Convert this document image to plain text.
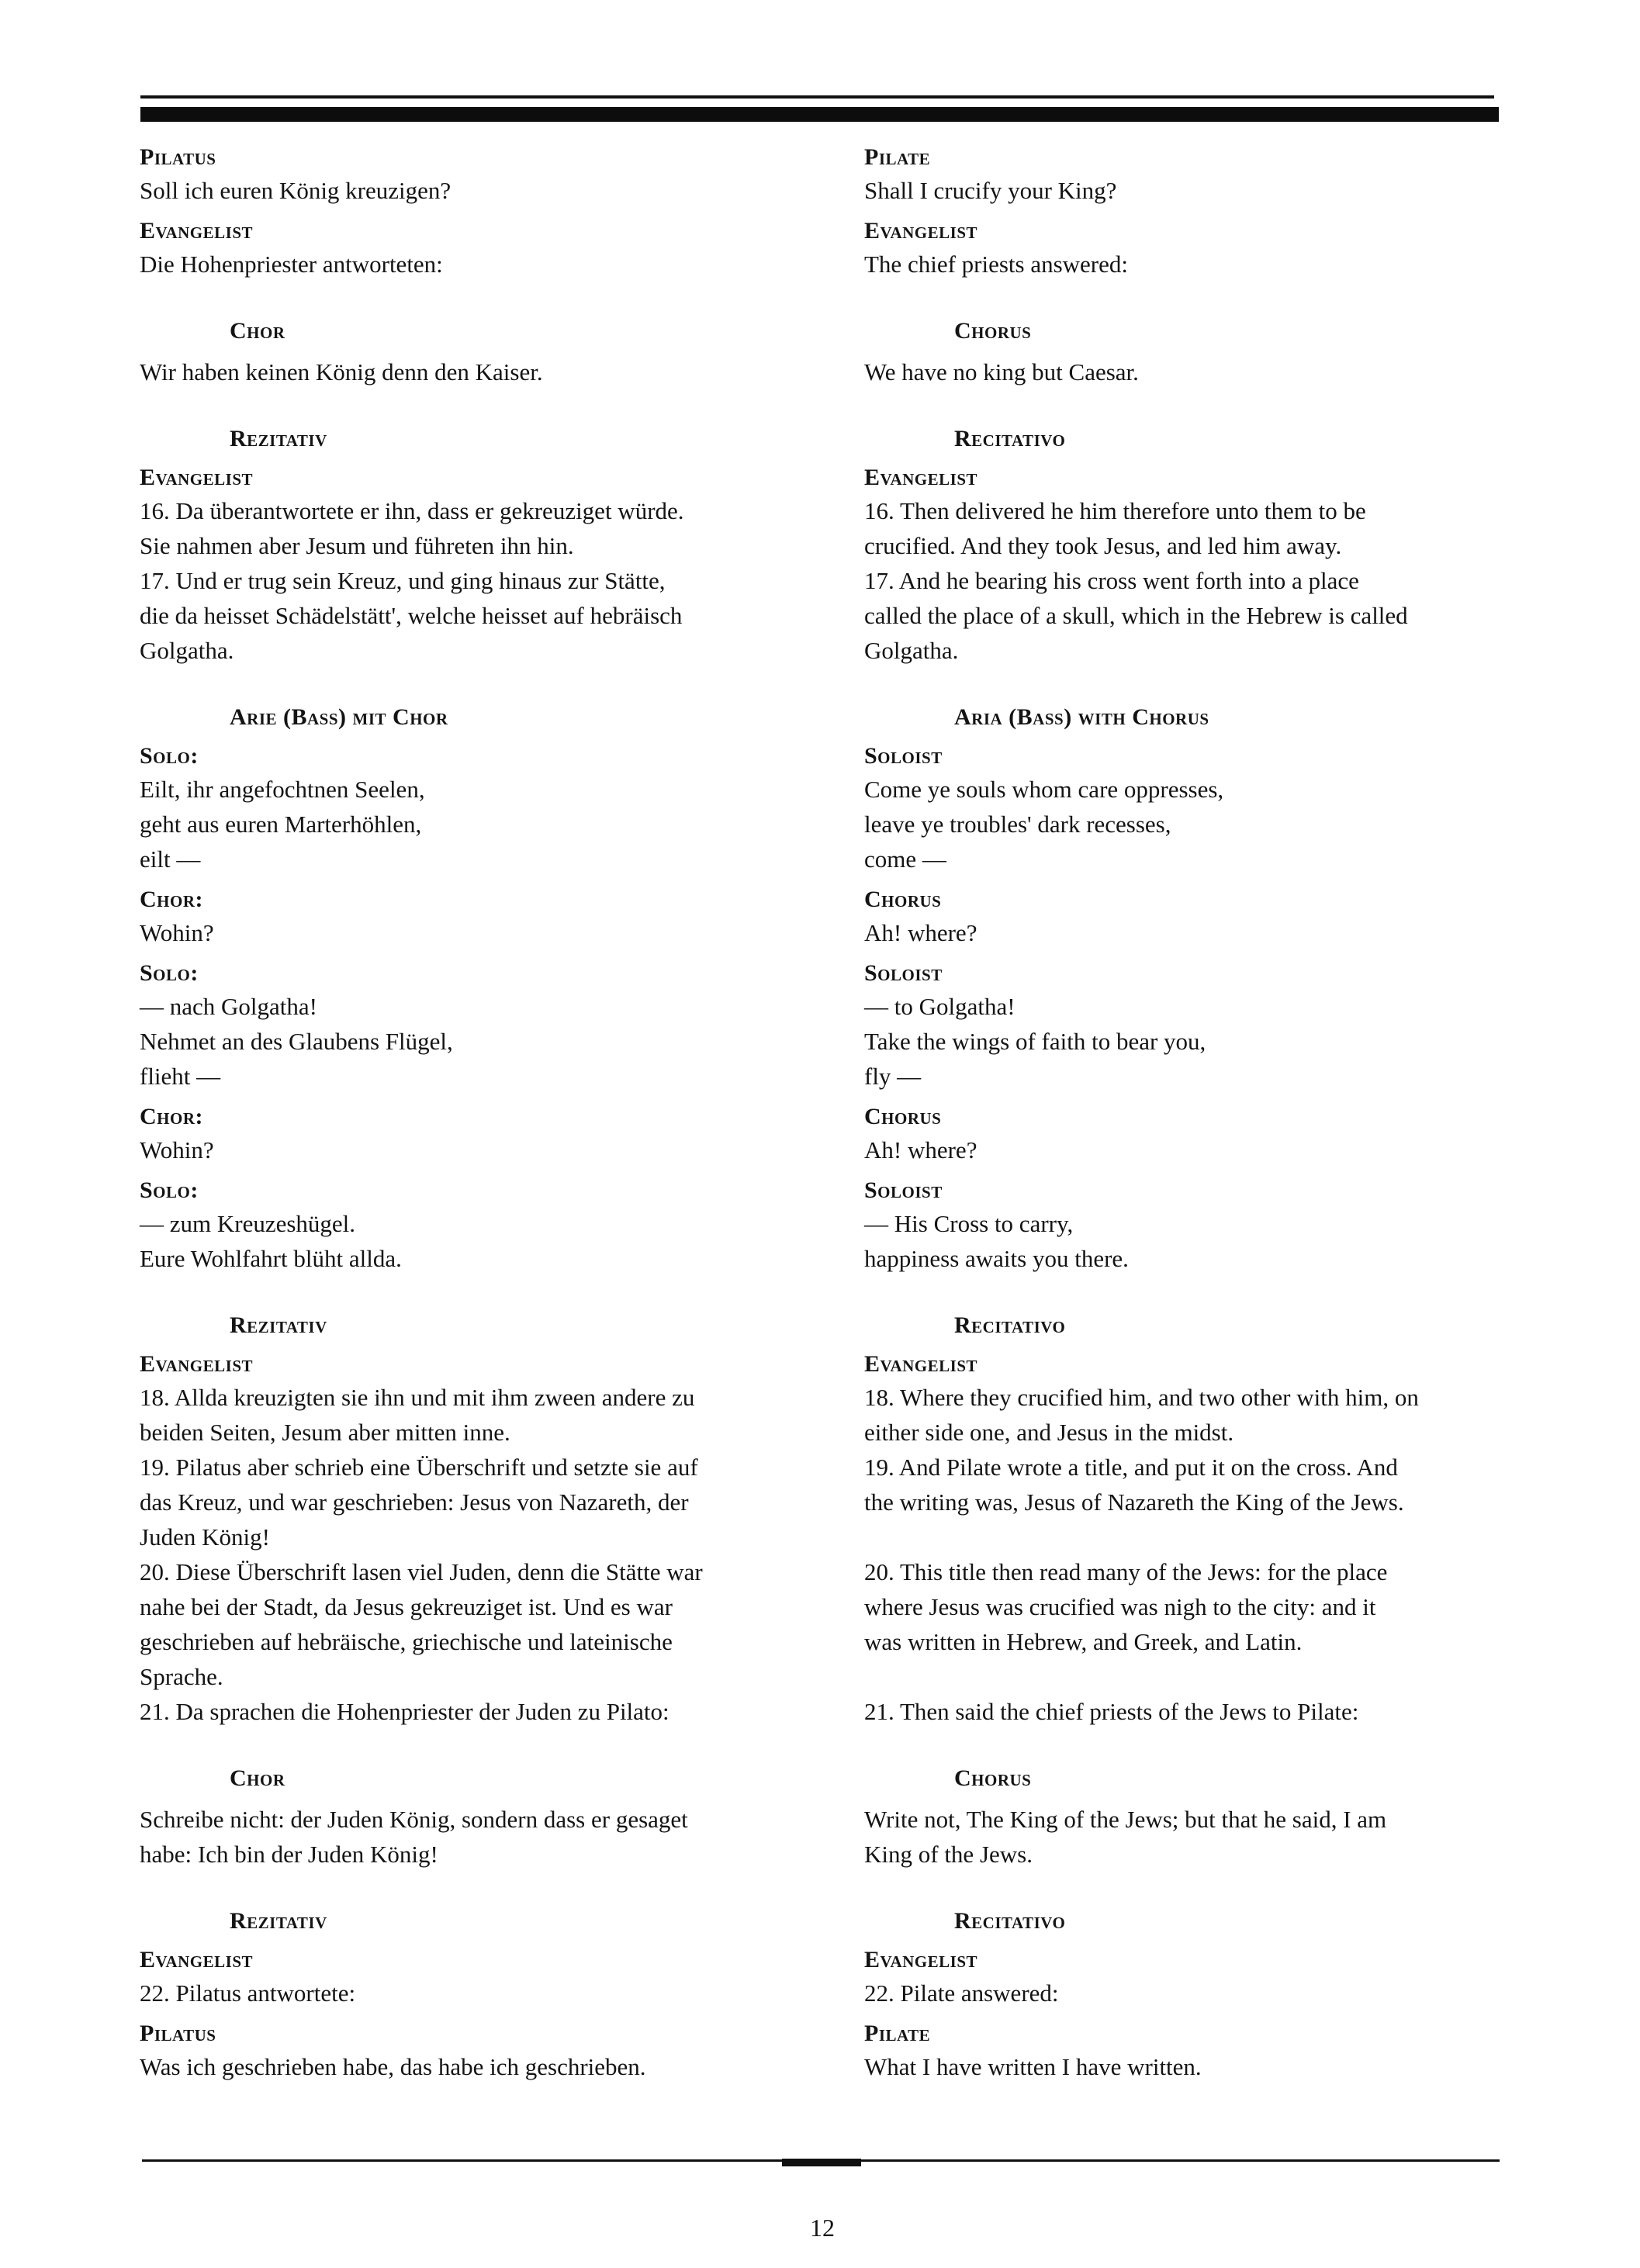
Pilatus
Soll ich euren König kreuzigen?
Evangelist
Die Hohenpriester antworteten:
Chor
Wir haben keinen König denn den Kaiser.
Rezitativ
Evangelist
16. Da überantwortete er ihn, dass er gekreuziget würde.
Sie nahmen aber Jesum und führeten ihn hin.
17. Und er trug sein Kreuz, und ging hinaus zur Stätte,
die da heisset Schädelstätt', welche heisset auf hebräisch
Golgatha.
Arie (Bass) mit Chor
Solo:
Eilt, ihr angefochtnen Seelen,
geht aus euren Marterhöhlen,
eilt —
Chor:
Wohin?
Solo:
— nach Golgatha!
Nehmet an des Glaubens Flügel,
flieht —
Chor:
Wohin?
Solo:
— zum Kreuzeshügel.
Eure Wohlfahrt blüht allda.
Rezitativ
Evangelist
18. Allda kreuzigten sie ihn und mit ihm zween andere zu
beiden Seiten, Jesum aber mitten inne.
19. Pilatus aber schrieb eine Überschrift und setzte sie auf
das Kreuz, und war geschrieben: Jesus von Nazareth, der
Juden König!
20. Diese Überschrift lasen viel Juden, denn die Stätte war
nahe bei der Stadt, da Jesus gekreuziget ist. Und es war
geschrieben auf hebräische, griechische und lateinische
Sprache.
21. Da sprachen die Hohenpriester der Juden zu Pilato:
Chor
Schreibe nicht: der Juden König, sondern dass er gesaget
habe: Ich bin der Juden König!
Rezitativ
Evangelist
22. Pilatus antwortete:
Pilatus
Was ich geschrieben habe, das habe ich geschrieben.
Pilate
Shall I crucify your King?
Evangelist
The chief priests answered:
Chorus
We have no king but Caesar.
Recitativo
Evangelist
16. Then delivered he him therefore unto them to be
crucified. And they took Jesus, and led him away.
17. And he bearing his cross went forth into a place
called the place of a skull, which in the Hebrew is called
Golgatha.
Aria (Bass) with Chorus
Soloist
Come ye souls whom care oppresses,
leave ye troubles' dark recesses,
come —
Chorus
Ah! where?
Soloist
— to Golgatha!
Take the wings of faith to bear you,
fly —
Chorus
Ah! where?
Soloist
— His Cross to carry,
happiness awaits you there.
Recitativo
Evangelist
18. Where they crucified him, and two other with him, on
either side one, and Jesus in the midst.
19. And Pilate wrote a title, and put it on the cross. And
the writing was, Jesus of Nazareth the King of the Jews.

20. This title then read many of the Jews: for the place
where Jesus was crucified was nigh to the city: and it
was written in Hebrew, and Greek, and Latin.

21. Then said the chief priests of the Jews to Pilate:
Chorus
Write not, The King of the Jews; but that he said, I am
King of the Jews.
Recitativo
Evangelist
22. Pilate answered:
Pilate
What I have written I have written.
12
